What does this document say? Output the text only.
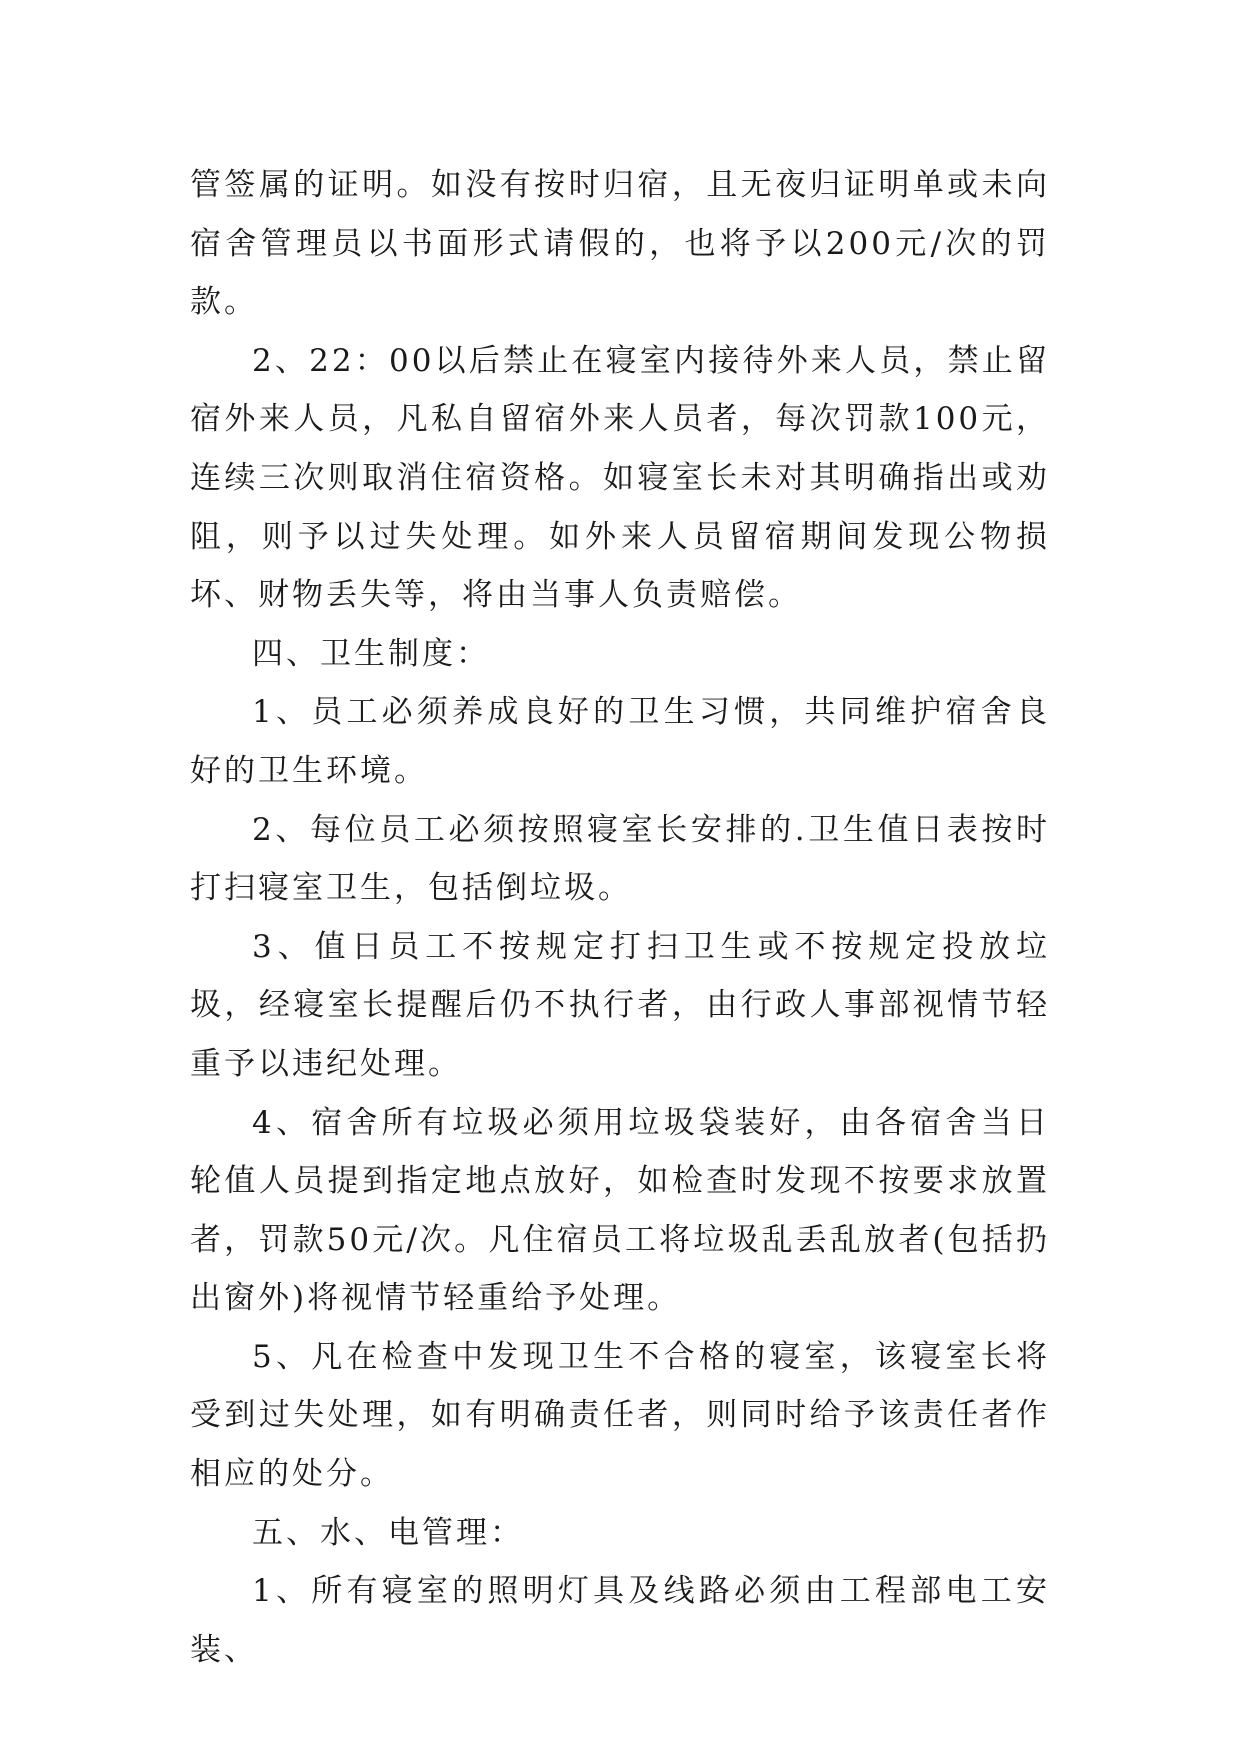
管签属的证明。如没有按时归宿，且无夜归证明单或未向宿舍管理员以书面形式请假的，也将予以200元/次的罚款。

2、22：00以后禁止在寝室内接待外来人员，禁止留宿外来人员，凡私自留宿外来人员者，每次罚款100元，连续三次则取消住宿资格。如寝室长未对其明确指出或劝阻，则予以过失处理。如外来人员留宿期间发现公物损坏、财物丢失等，将由当事人负责赔偿。

四、卫生制度：

1、员工必须养成良好的卫生习惯，共同维护宿舍良好的卫生环境。

2、每位员工必须按照寝室长安排的.卫生值日表按时打扫寝室卫生，包括倒垃圾。

3、值日员工不按规定打扫卫生或不按规定投放垃圾，经寝室长提醒后仍不执行者，由行政人事部视情节轻重予以违纪处理。

4、宿舍所有垃圾必须用垃圾袋装好，由各宿舍当日轮值人员提到指定地点放好，如检查时发现不按要求放置者，罚款50元/次。凡住宿员工将垃圾乱丢乱放者(包括扔出窗外)将视情节轻重给予处理。

5、凡在检查中发现卫生不合格的寝室，该寝室长将受到过失处理，如有明确责任者，则同时给予该责任者作相应的处分。

五、水、电管理：

1、所有寝室的照明灯具及线路必须由工程部电工安装、
